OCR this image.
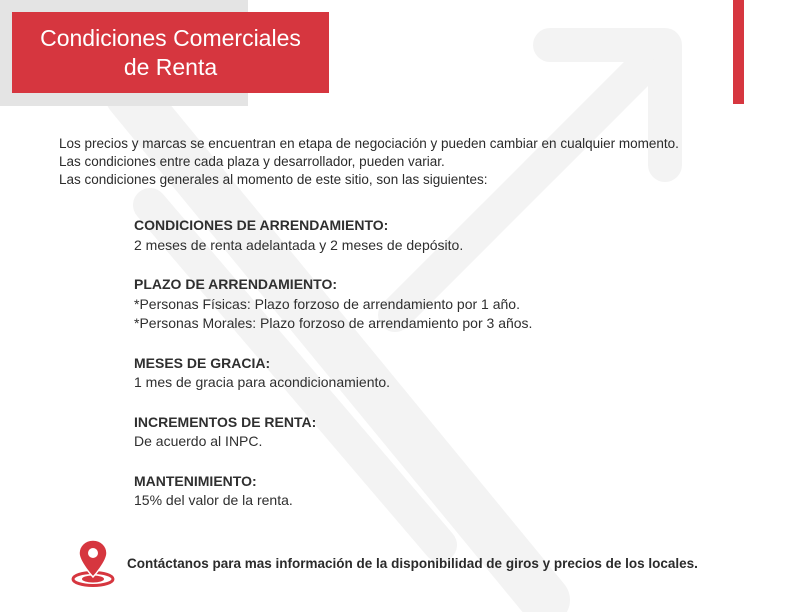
Condiciones Comerciales
de Renta
Los precios y marcas se encuentran en etapa de negociación y pueden cambiar en cualquier momento.
Las condiciones entre cada plaza y desarrollador, pueden variar.
Las condiciones generales al momento de este sitio, son las siguientes:
CONDICIONES DE ARRENDAMIENTO:
2 meses de renta adelantada y 2 meses de depósito.
PLAZO DE ARRENDAMIENTO:
*Personas Físicas: Plazo forzoso de arrendamiento por 1 año.
*Personas Morales: Plazo forzoso de arrendamiento por 3 años.
MESES DE GRACIA:
1 mes de gracia para acondicionamiento.
INCREMENTOS DE RENTA:
De acuerdo al INPC.
MANTENIMIENTO:
15% del valor de la renta.
Contáctanos para mas información de la disponibilidad de giros y precios de los locales.
